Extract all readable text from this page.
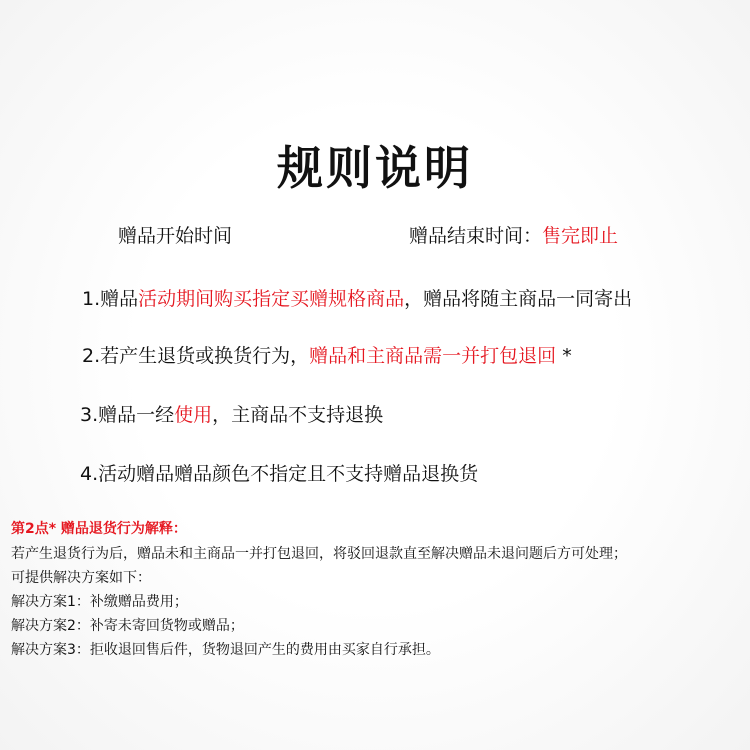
规则说明
赠品开始时间	赠品结束时间：售完即止
1.赠品活动期间购买指定买赠规格商品，赠品将随主商品一同寄出
2.若产生退货或换货行为，赠品和主商品需一并打包退回 *
3.赠品一经使用，主商品不支持退换
4.活动赠品赠品颜色不指定且不支持赠品退换货
第2点* 赠品退货行为解释：
若产生退货行为后，赠品未和主商品一并打包退回，将驳回退款直至解决赠品未退问题后方可处理；
可提供解决方案如下：
解决方案1：补缴赠品费用；
解决方案2：补寄未寄回货物或赠品；
解决方案3：拒收退回售后件，货物退回产生的费用由买家自行承担。
